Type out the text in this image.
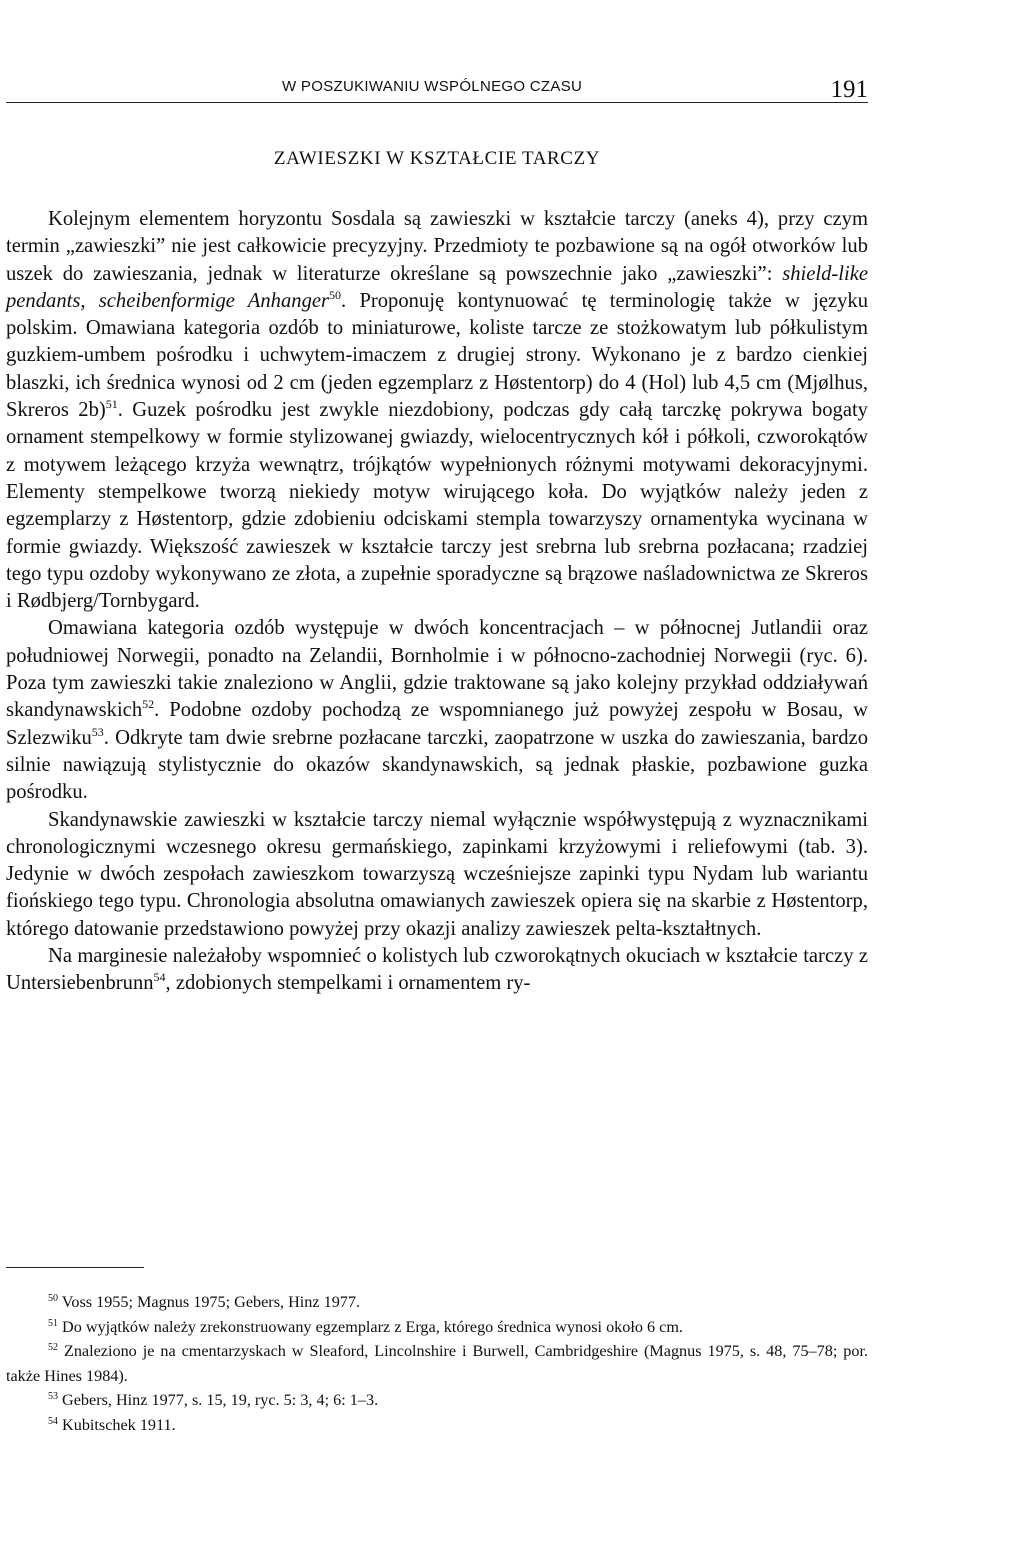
W POSZUKIWANIU WSPÓLNEGO CZASU	191
ZAWIESZKI W KSZTAŁCIE TARCZY

Kolejnym elementem horyzontu Sosdala są zawieszki w kształcie tarczy (aneks 4), przy czym termin „zawieszki” nie jest całkowicie precyzyjny. Przedmioty te pozbawione są na ogół otworków lub uszek do zawieszania, jednak w literaturze określane są powszechnie jako „zawieszki”: shield-like pendants, scheibenformige Anhanger$^{50}$. Proponuję kontynuować tę terminologię także w języku polskim. Omawiana kategoria ozdób to miniaturowe, koliste tarcze ze stożkowatym lub półkulistym guzkiem-umbem pośrodku i uchwytem-imaczem z drugiej strony. Wykonano je z bardzo cienkiej blaszki, ich średnica wynosi od 2 cm (jeden egzemplarz z Høstentorp) do 4 (Hol) lub 4,5 cm (Mjølhus, Skreros 2b)$^{51}$. Guzek pośrodku jest zwykle niezdobiony, podczas gdy całą tarczkę pokrywa bogaty ornament stempelkowy w formie stylizowanej gwiazdy, wielocentrycznych kół i półkoli, czworokątów z motywem leżącego krzyża wewnątrz, trójkątów wypełnionych różnymi motywami dekoracyjnymi. Elementy stempelkowe tworzą niekiedy motyw wirującego koła. Do wyjątków należy jeden z egzemplarzy z Høstentorp, gdzie zdobieniu odciskami stempla towarzyszy ornamentyka wycinana w formie gwiazdy. Większość zawieszek w kształcie tarczy jest srebrna lub srebrna pozłacana; rzadziej tego typu ozdoby wykonywano ze złota, a zupełnie sporadyczne są brązowe naśladownictwa ze Skreros i Rødbjerg/Tornbygard.

Omawiana kategoria ozdób występuje w dwóch koncentracjach – w północnej Jutlandii oraz południowej Norwegii, ponadto na Zelandii, Bornholmie i w północno-zachodniej Norwegii (ryc. 6). Poza tym zawieszki takie znaleziono w Anglii, gdzie traktowane są jako kolejny przykład oddziaływań skandynawskich$^{52}$. Podobne ozdoby pochodzą ze wspomnianego już powyżej zespołu w Bosau, w Szlezwiku$^{53}$. Odkryte tam dwie srebrne pozłacane tarczki, zaopatrzone w uszka do zawieszania, bardzo silnie nawiązują stylistycznie do okazów skandynawskich, są jednak płaskie, pozbawione guzka pośrodku.

Skandynawskie zawieszki w kształcie tarczy niemal wyłącznie współwystępują z wyznacznikami chronologicznymi wczesnego okresu germańskiego, zapinkami krzyżowymi i reliefowymi (tab. 3). Jedynie w dwóch zespołach zawieszkom towarzyszą wcześniejsze zapinki typu Nydam lub wariantu fiońskiego tego typu. Chronologia absolutna omawianych zawieszek opiera się na skarbie z Høstentorp, którego datowanie przedstawiono powyżej przy okazji analizy zawieszek pelta-kształtnych.

Na marginesie należałoby wspomnieć o kolistych lub czworokątnych okuciach w kształcie tarczy z Untersiebenbrunn$^{54}$, zdobionych stempelkami i ornamentem ry-

$^{50}$ Voss 1955; Magnus 1975; Gebers, Hinz 1977.

$^{51}$ Do wyjątków należy zrekonstruowany egzemplarz z Erga, którego średnica wynosi około 6 cm.

$^{52}$ Znaleziono je na cmentarzyskach w Sleaford, Lincolnshire i Burwell, Cambridgeshire (Magnus 1975, s. 48, 75–78; por. także Hines 1984).

$^{53}$ Gebers, Hinz 1977, s. 15, 19, ryc. 5: 3, 4; 6: 1–3.

$^{54}$ Kubitschek 1911.
